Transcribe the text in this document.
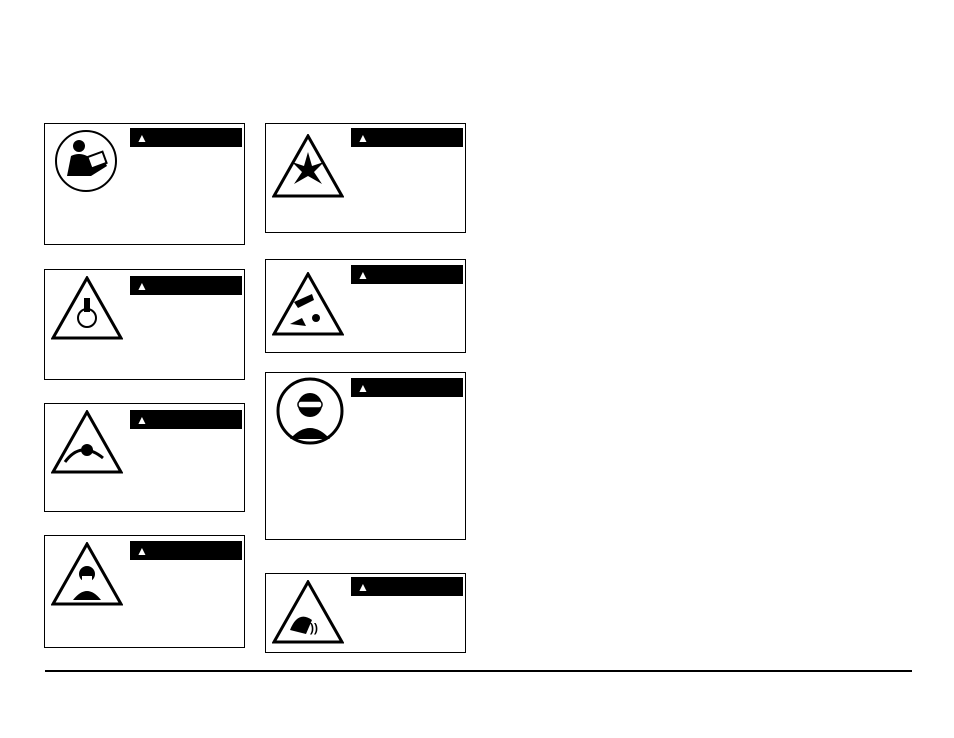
▲
▲
▲
▲
▲
▲
▲
))
▲
